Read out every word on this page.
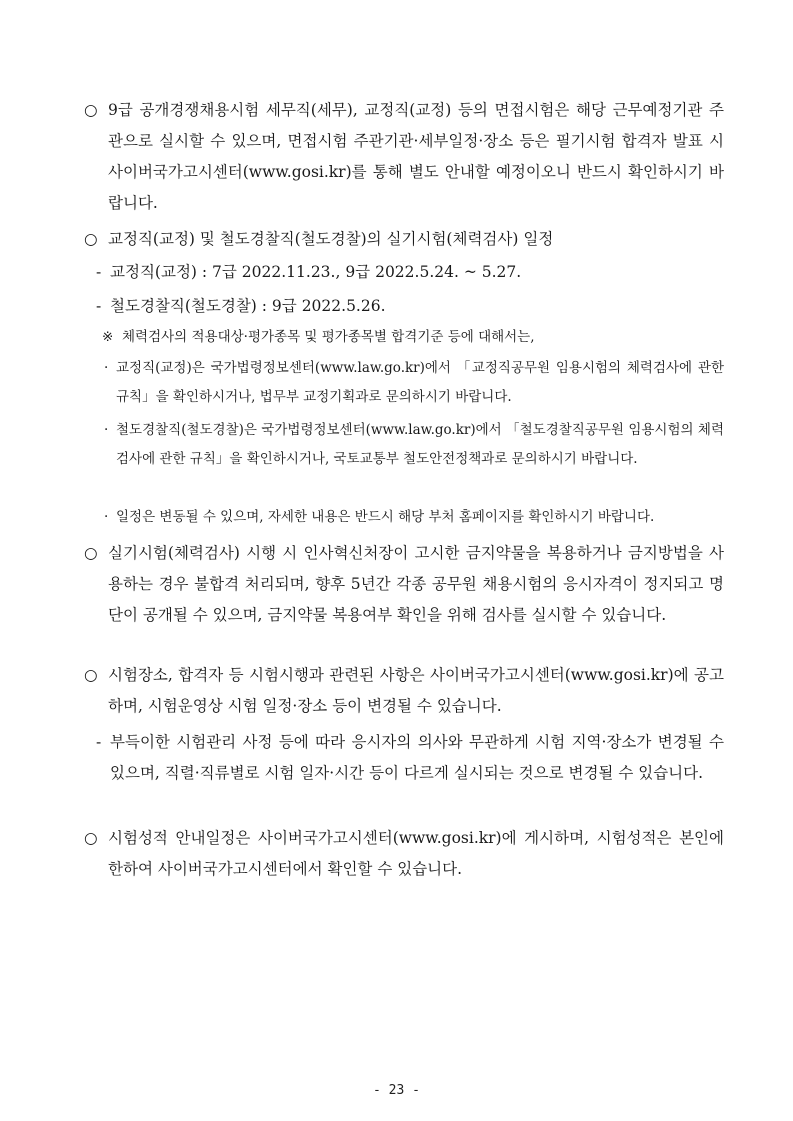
○ 9급 공개경쟁채용시험 세무직(세무), 교정직(교정) 등의 면접시험은 해당 근무예정기관 주관으로 실시할 수 있으며, 면접시험 주관기관·세부일정·장소 등은 필기시험 합격자 발표 시 사이버국가고시센터(www.gosi.kr)를 통해 별도 안내할 예정이오니 반드시 확인하시기 바랍니다.
○ 교정직(교정) 및 철도경찰직(철도경찰)의 실기시험(체력검사) 일정
- 교정직(교정) : 7급 2022.11.23., 9급 2022.5.24. ~ 5.27.
- 철도경찰직(철도경찰) : 9급 2022.5.26.
※ 체력검사의 적용대상·평가종목 및 평가종목별 합격기준 등에 대해서는,
· 교정직(교정)은 국가법령정보센터(www.law.go.kr)에서 「교정직공무원 임용시험의 체력검사에 관한 규칙」을 확인하시거나, 법무부 교정기획과로 문의하시기 바랍니다.
· 철도경찰직(철도경찰)은 국가법령정보센터(www.law.go.kr)에서 「철도경찰직공무원 임용시험의 체력검사에 관한 규칙」을 확인하시거나, 국토교통부 철도안전정책과로 문의하시기 바랍니다.
· 일정은 변동될 수 있으며, 자세한 내용은 반드시 해당 부처 홈페이지를 확인하시기 바랍니다.
○ 실기시험(체력검사) 시행 시 인사혁신처장이 고시한 금지약물을 복용하거나 금지방법을 사용하는 경우 불합격 처리되며, 향후 5년간 각종 공무원 채용시험의 응시자격이 정지되고 명단이 공개될 수 있으며, 금지약물 복용여부 확인을 위해 검사를 실시할 수 있습니다.
○ 시험장소, 합격자 등 시험시행과 관련된 사항은 사이버국가고시센터(www.gosi.kr)에 공고하며, 시험운영상 시험 일정·장소 등이 변경될 수 있습니다.
- 부득이한 시험관리 사정 등에 따라 응시자의 의사와 무관하게 시험 지역·장소가 변경될 수 있으며, 직렬·직류별로 시험 일자·시간 등이 다르게 실시되는 것으로 변경될 수 있습니다.
○ 시험성적 안내일정은 사이버국가고시센터(www.gosi.kr)에 게시하며, 시험성적은 본인에 한하여 사이버국가고시센터에서 확인할 수 있습니다.
- 23 -
